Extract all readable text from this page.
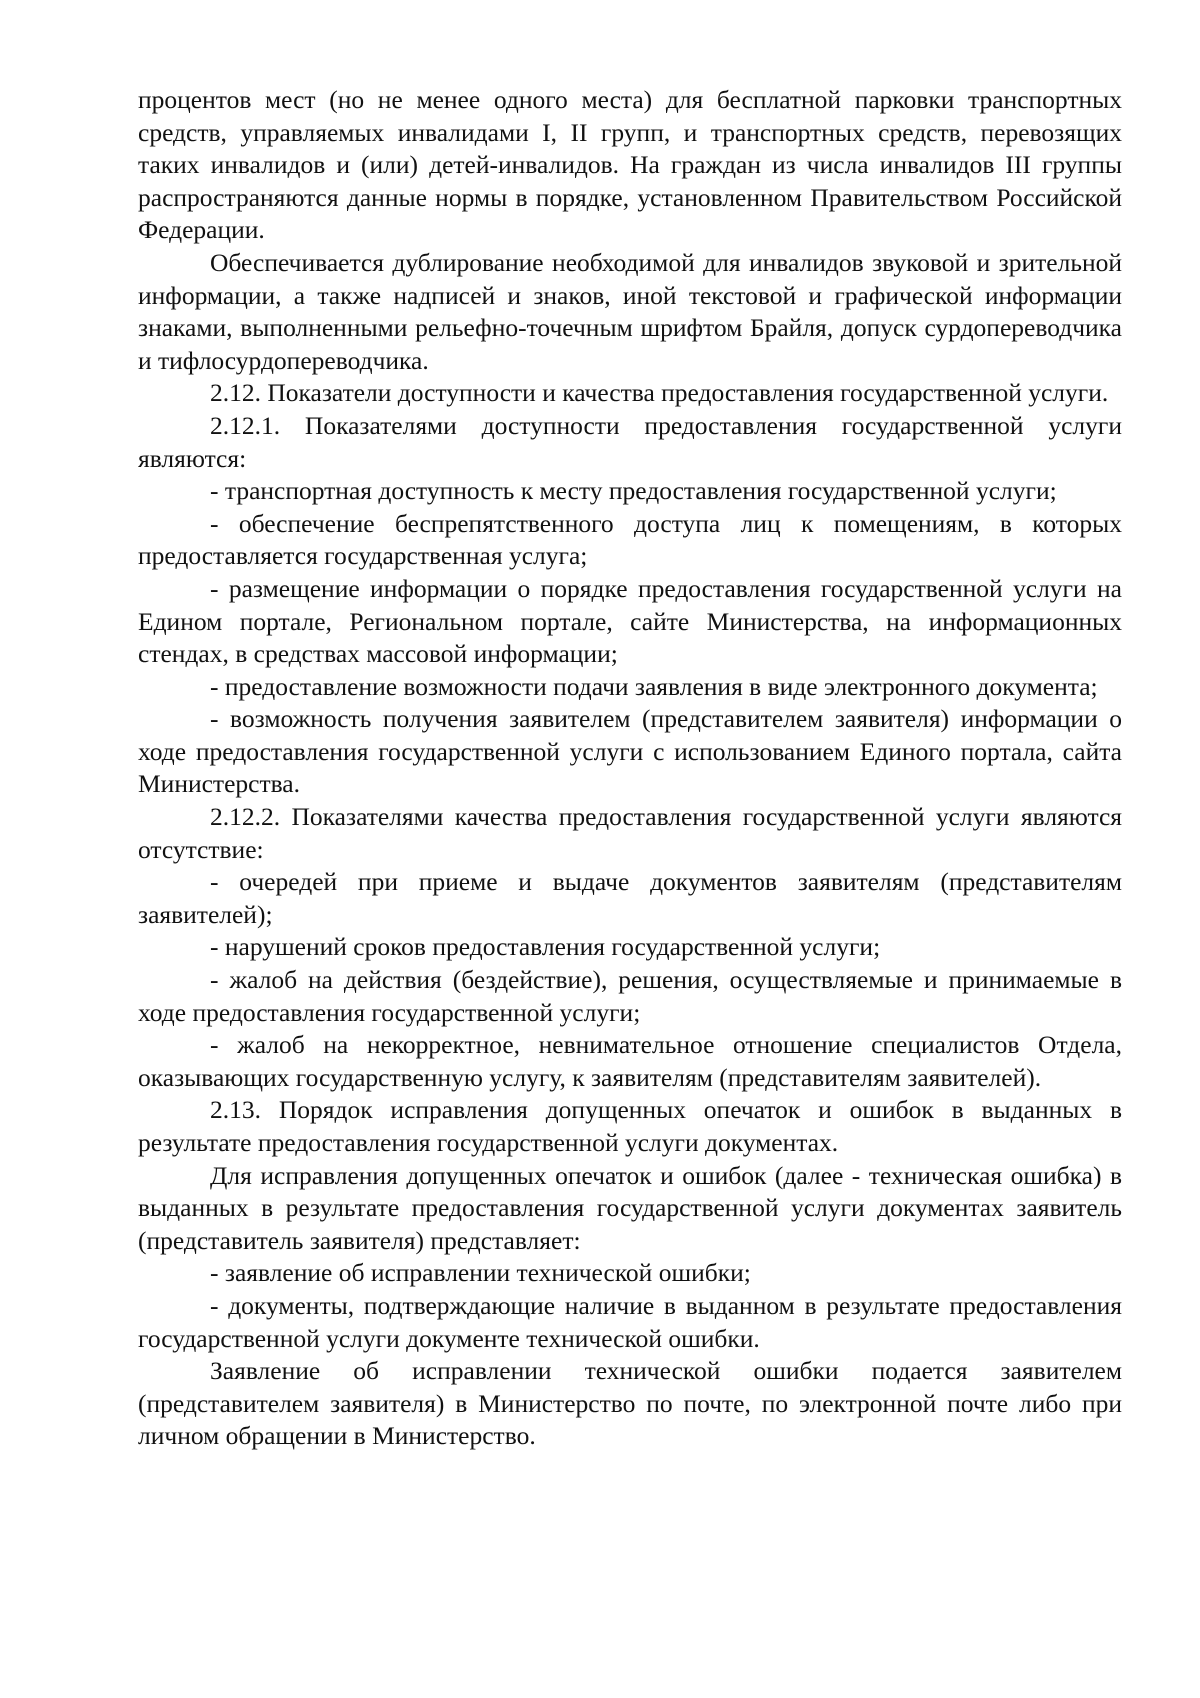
процентов мест (но не менее одного места) для бесплатной парковки транспортных средств, управляемых инвалидами I, II групп, и транспортных средств, перевозящих таких инвалидов и (или) детей-инвалидов. На граждан из числа инвалидов III группы распространяются данные нормы в порядке, установленном Правительством Российской Федерации.

Обеспечивается дублирование необходимой для инвалидов звуковой и зрительной информации, а также надписей и знаков, иной текстовой и графической информации знаками, выполненными рельефно-точечным шрифтом Брайля, допуск сурдопереводчика и тифлосурдопереводчика.

2.12. Показатели доступности и качества предоставления государственной услуги.

2.12.1. Показателями доступности предоставления государственной услуги являются:

- транспортная доступность к месту предоставления государственной услуги;

- обеспечение беспрепятственного доступа лиц к помещениям, в которых предоставляется государственная услуга;

- размещение информации о порядке предоставления государственной услуги на Едином портале, Региональном портале, сайте Министерства, на информационных стендах, в средствах массовой информации;

- предоставление возможности подачи заявления в виде электронного документа;

- возможность получения заявителем (представителем заявителя) информации о ходе предоставления государственной услуги с использованием Единого портала, сайта Министерства.

2.12.2. Показателями качества предоставления государственной услуги являются отсутствие:

- очередей при приеме и выдаче документов заявителям (представителям заявителей);

- нарушений сроков предоставления государственной услуги;

- жалоб на действия (бездействие), решения, осуществляемые и принимаемые в ходе предоставления государственной услуги;

- жалоб на некорректное, невнимательное отношение специалистов Отдела, оказывающих государственную услугу, к заявителям (представителям заявителей).

2.13. Порядок исправления допущенных опечаток и ошибок в выданных в результате предоставления государственной услуги документах.

Для исправления допущенных опечаток и ошибок (далее - техническая ошибка) в выданных в результате предоставления государственной услуги документах заявитель (представитель заявителя) представляет:

- заявление об исправлении технической ошибки;

- документы, подтверждающие наличие в выданном в результате предоставления государственной услуги документе технической ошибки.

Заявление об исправлении технической ошибки подается заявителем (представителем заявителя) в Министерство по почте, по электронной почте либо при личном обращении в Министерство.
